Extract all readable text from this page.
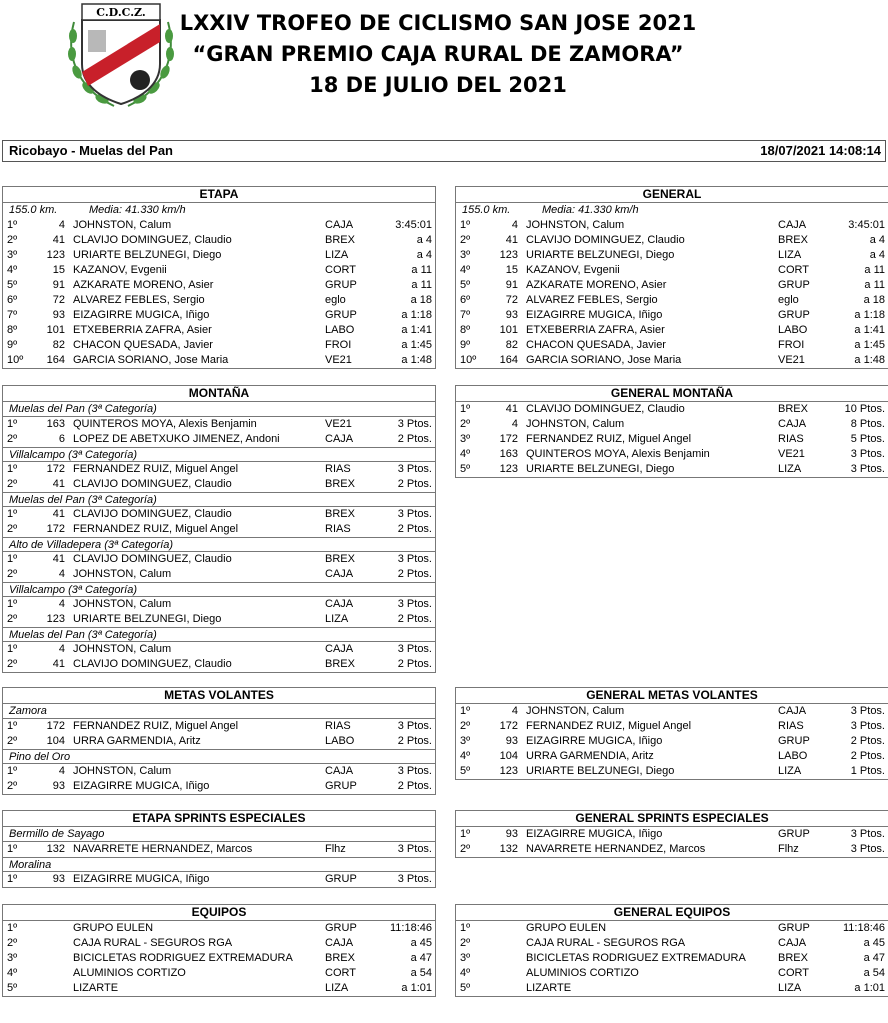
C.D.C.Z.	LXXIV TROFEO DE CICLISMO SAN JOSE 2021
“GRAN PREMIO CAJA RURAL DE ZAMORA”
18 DE JULIO DEL 2021
Ricobayo - Muelas del Pan	18/07/2021 14:08:14
ETAPA
155.0 km.	Media: 41.330 km/h
1º	4 JOHNSTON, Calum	CAJA	3:45:01
2º	41 CLAVIJO DOMINGUEZ, Claudio	BREX	a 4
3º	123 URIARTE BELZUNEGI, Diego	LIZA	a 4
4º	15 KAZANOV, Evgenii	CORT	a 11
5º	91 AZKARATE MORENO, Asier	GRUP	a 11
6º	72 ALVAREZ FEBLES, Sergio	eglo	a 18
7º	93 EIZAGIRRE MUGICA, Iñigo	GRUP	a 1:18
8º	101 ETXEBERRIA ZAFRA, Asier	LABO	a 1:41
9º	82 CHACON QUESADA, Javier	FROI	a 1:45
10º	164 GARCIA SORIANO, Jose Maria	VE21	a 1:48
GENERAL
155.0 km.	Media: 41.330 km/h
1º	4 JOHNSTON, Calum	CAJA	3:45:01
2º	41 CLAVIJO DOMINGUEZ, Claudio	BREX	a 4
3º	123 URIARTE BELZUNEGI, Diego	LIZA	a 4
4º	15 KAZANOV, Evgenii	CORT	a 11
5º	91 AZKARATE MORENO, Asier	GRUP	a 11
6º	72 ALVAREZ FEBLES, Sergio	eglo	a 18
7º	93 EIZAGIRRE MUGICA, Iñigo	GRUP	a 1:18
8º	101 ETXEBERRIA ZAFRA, Asier	LABO	a 1:41
9º	82 CHACON QUESADA, Javier	FROI	a 1:45
10º	164 GARCIA SORIANO, Jose Maria	VE21	a 1:48
MONTAÑA
Muelas del Pan (3ª Categoría)
1º	163 QUINTEROS MOYA, Alexis Benjamin	VE21	3 Ptos.
2º	6 LOPEZ DE ABETXUKO JIMENEZ, Andoni	CAJA	2 Ptos.
Villalcampo (3ª Categoría)
1º	172 FERNANDEZ RUIZ, Miguel Angel	RIAS	3 Ptos.
2º	41 CLAVIJO DOMINGUEZ, Claudio	BREX	2 Ptos.
Muelas del Pan (3ª Categoría)
1º	41 CLAVIJO DOMINGUEZ, Claudio	BREX	3 Ptos.
2º	172 FERNANDEZ RUIZ, Miguel Angel	RIAS	2 Ptos.
Alto de Villadepera (3ª Categoría)
1º	41 CLAVIJO DOMINGUEZ, Claudio	BREX	3 Ptos.
2º	4 JOHNSTON, Calum	CAJA	2 Ptos.
Villalcampo (3ª Categoría)
1º	4 JOHNSTON, Calum	CAJA	3 Ptos.
2º	123 URIARTE BELZUNEGI, Diego	LIZA	2 Ptos.
Muelas del Pan (3ª Categoría)
1º	4 JOHNSTON, Calum	CAJA	3 Ptos.
2º	41 CLAVIJO DOMINGUEZ, Claudio	BREX	2 Ptos.
GENERAL MONTAÑA
1º	41 CLAVIJO DOMINGUEZ, Claudio	BREX	10 Ptos.
2º	4 JOHNSTON, Calum	CAJA	8 Ptos.
3º	172 FERNANDEZ RUIZ, Miguel Angel	RIAS	5 Ptos.
4º	163 QUINTEROS MOYA, Alexis Benjamin	VE21	3 Ptos.
5º	123 URIARTE BELZUNEGI, Diego	LIZA	3 Ptos.
METAS VOLANTES
Zamora
1º	172 FERNANDEZ RUIZ, Miguel Angel	RIAS	3 Ptos.
2º	104 URRA GARMENDIA, Aritz	LABO	2 Ptos.
Pino del Oro
1º	4 JOHNSTON, Calum	CAJA	3 Ptos.
2º	93 EIZAGIRRE MUGICA, Iñigo	GRUP	2 Ptos.
GENERAL METAS VOLANTES
1º	4 JOHNSTON, Calum	CAJA	3 Ptos.
2º	172 FERNANDEZ RUIZ, Miguel Angel	RIAS	3 Ptos.
3º	93 EIZAGIRRE MUGICA, Iñigo	GRUP	2 Ptos.
4º	104 URRA GARMENDIA, Aritz	LABO	2 Ptos.
5º	123 URIARTE BELZUNEGI, Diego	LIZA	1 Ptos.
ETAPA SPRINTS ESPECIALES
Bermillo de Sayago
1º	132 NAVARRETE HERNANDEZ, Marcos	Flhz	3 Ptos.
Moralina
1º	93 EIZAGIRRE MUGICA, Iñigo	GRUP	3 Ptos.
GENERAL SPRINTS ESPECIALES
1º	93 EIZAGIRRE MUGICA, Iñigo	GRUP	3 Ptos.
2º	132 NAVARRETE HERNANDEZ, Marcos	Flhz	3 Ptos.
EQUIPOS
1º	GRUPO EULEN	GRUP	11:18:46
2º	CAJA RURAL - SEGUROS RGA	CAJA	a 45
3º	BICICLETAS RODRIGUEZ EXTREMADURA	BREX	a 47
4º	ALUMINIOS CORTIZO	CORT	a 54
5º	LIZARTE	LIZA	a 1:01
GENERAL EQUIPOS
1º	GRUPO EULEN	GRUP	11:18:46
2º	CAJA RURAL - SEGUROS RGA	CAJA	a 45
3º	BICICLETAS RODRIGUEZ EXTREMADURA	BREX	a 47
4º	ALUMINIOS CORTIZO	CORT	a 54
5º	LIZARTE	LIZA	a 1:01
